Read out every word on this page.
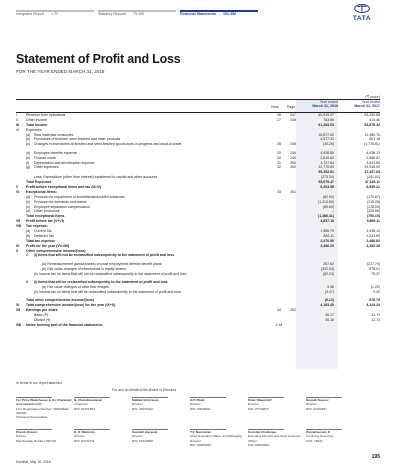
Integrated Report 1-72	Statutory Reports 73-190	Financial Statements 191-356
TATA
Statement of Profit and Loss
FOR THE YEAR ENDED MARCH 31, 2018
(₹ crore)
Note	Page
Year ended
March 31, 2018
Year ended
March 31, 2017
I	Revenue from operations	26	247	60,519.37	53,260.86
II	Other income	27	248	763.66	414.46
III	Total Income	61,283.03	53,675.32
IV	Expenses:
(a)	Raw materials consumed	16,577.62	12,480.76
(b)	Purchases of finished, semi-finished and other products	4,577.31	861.18
(c)	Changes in inventories of finished and semi-finished goods,work-in-progress and stock-in-trade	28	248	(40.26)	(1,778.51)
(d)	Employee benefits expense	29	249	4,928.85	4,636.13
(e)	Finance costs	30	249	2,810.62	2,668.52
(f)	Depreciation and amortisation expense	31	250	3,727.84	3,541.55
(g)	Other expenses	32	250	22,770.83	24,948.00
55,352.81	47,357.63
Less: Expenditure (other than interest) transferred to capital and other accounts	(273.34)	(241.52)
Total Expenses	55,079.47	47,116.11
V	Profit before exceptional items and tax (III-IV)	6,203.56	6,559.21
VI	Exceptional Items:	33	251
(a)	Provision for impairment of investments/doubtful advances	(62.92)	(170.67)
(b)	Provision for demands and claims	(1,213.80)	(115.28)
(c)	Employee separation compensation	(89.69)	(178.59)
(d)	Other provisions	–	(235.56)
Total exceptional items	(1,366.41)	(700.10)
VII	Profit before tax (V+VI)	4,837.15	5,859.11
VIII	Tax expense:
(a)	Current Tax	1,588.79	1,435.14
(b)	Deferred Tax	882.11	1,031.69
Total tax expense	2,470.90	2,466.83
IX	Profit for the year (VII-VIII)	2,366.25	3,392.28
X	Other comprehensive income/(loss)
A	(i) Items that will not be reclassified subsequently to the statement of profit and loss
(a) Remeasurement gains/(losses) on post employment defined benefit plans	257.62	(217.79)
(b) Fair value changes of investments in equity shares	(332.03)	878.01
(ii) Income tax on items that will not be reclassified subsequently to the statement of profit and loss	(82.24)	75.37
B	(i) Items that will be reclassified subsequently to the statement of profit and loss
(a) Fair value changes of cash flow hedges	9.96	(1.22)
(ii) Income tax on items that will be reclassified subsequently to the statement of profit and loss	(3.47)	0.42
Total other comprehensive income/(loss)	(6.12)	676.79
XI	Total comprehensive income/(loss) for the year (IX+X)	4,163.45	4,124.24
XII	Earnings per share	34	252
Basic (₹)	35.17	31.74
Diluted (₹)	35.16	31.74
XIII	Notes forming part of the financial statements	1-44
In terms of our report attached
For and on behalf of the Board of Directors
For Price Waterhouse & Co Chartered Accountants LLP
Firm Registration Number: 304026E/E-300009
Chartered Accountants
N. Chandrasekaran
Chairman
DIN: 00121863
Mallika Srinivasan
Director
DIN: 00037022
O.P. Bhatt
Director
DIN: 00548091
Peter Blauwhoff
Director
DIN: 07728872
Deepak Kapoor
Director
DIN: 00162957
Pramit Jhaveri
Partner
Membership Number 062700
D. K. Mehrotra
Director
DIN: 00142711
Saurabh Agrawal
Director
DIN: 02144558
T.V. Narendran
Chief Executive Officer and Managing Director
DIN: 03083605
Koushik Chatterjee
Executive Director and Chief Financial Officer
DIN: 00004989
Parvatheesam K
Company Secretary
ACS: 15921
Mumbai, May 16, 2018
195
